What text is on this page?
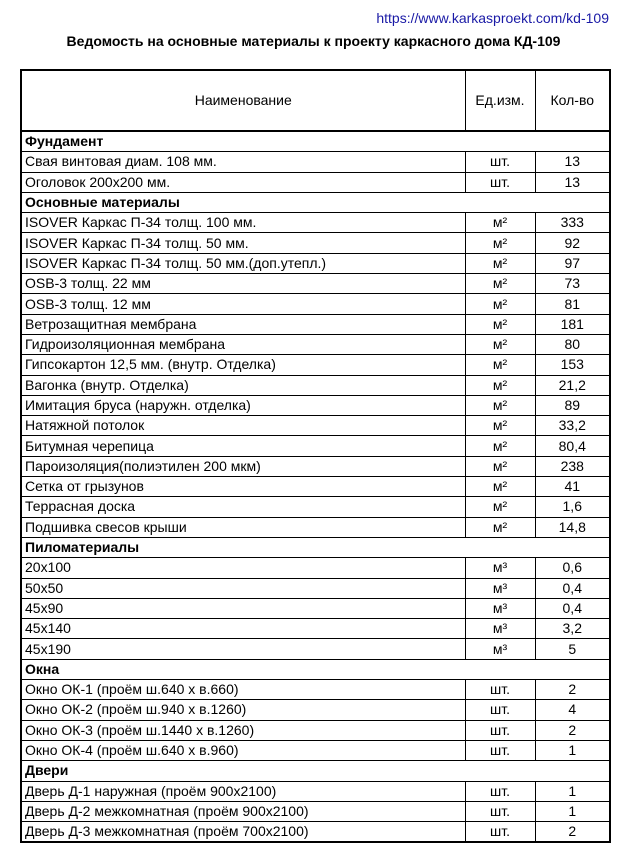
https://www.karkasproekt.com/kd-109
Ведомость на основные материалы к проекту каркасного дома КД-109
Наименование	Ед.изм.	Кол-во
Фундамент		
Свая винтовая диам. 108 мм.	шт.	13
Оголовок 200х200 мм.	шт.	13
Основные материалы		
ISOVER Каркас П-34 толщ. 100 мм.	м²	333
ISOVER Каркас П-34 толщ. 50 мм.	м²	92
ISOVER Каркас П-34 толщ. 50 мм.(доп.утепл.)	м²	97
OSB-3 толщ. 22 мм	м²	73
OSB-3 толщ. 12 мм	м²	81
Ветрозащитная мембрана	м²	181
Гидроизоляционная мембрана	м²	80
Гипсокартон 12,5 мм. (внутр. Отделка)	м²	153
Вагонка (внутр. Отделка)	м²	21,2
Имитация бруса (наружн. отделка)	м²	89
Натяжной потолок	м²	33,2
Битумная черепица	м²	80,4
Пароизоляция(полиэтилен 200 мкм)	м²	238
Сетка от грызунов	м²	41
Террасная доска	м²	1,6
Подшивка свесов крыши	м²	14,8
Пиломатериалы		
20х100	м³	0,6
50х50	м³	0,4
45х90	м³	0,4
45х140	м³	3,2
45х190	м³	5
Окна		
Окно ОК-1 (проём ш.640 х в.660)	шт.	2
Окно ОК-2 (проём ш.940 х в.1260)	шт.	4
Окно ОК-3 (проём ш.1440 х в.1260)	шт.	2
Окно ОК-4 (проём ш.640 х в.960)	шт.	1
Двери		
Дверь Д-1 наружная (проём 900х2100)	шт.	1
Дверь Д-2 межкомнатная (проём 900х2100)	шт.	1
Дверь Д-3 межкомнатная (проём 700х2100)	шт.	2
